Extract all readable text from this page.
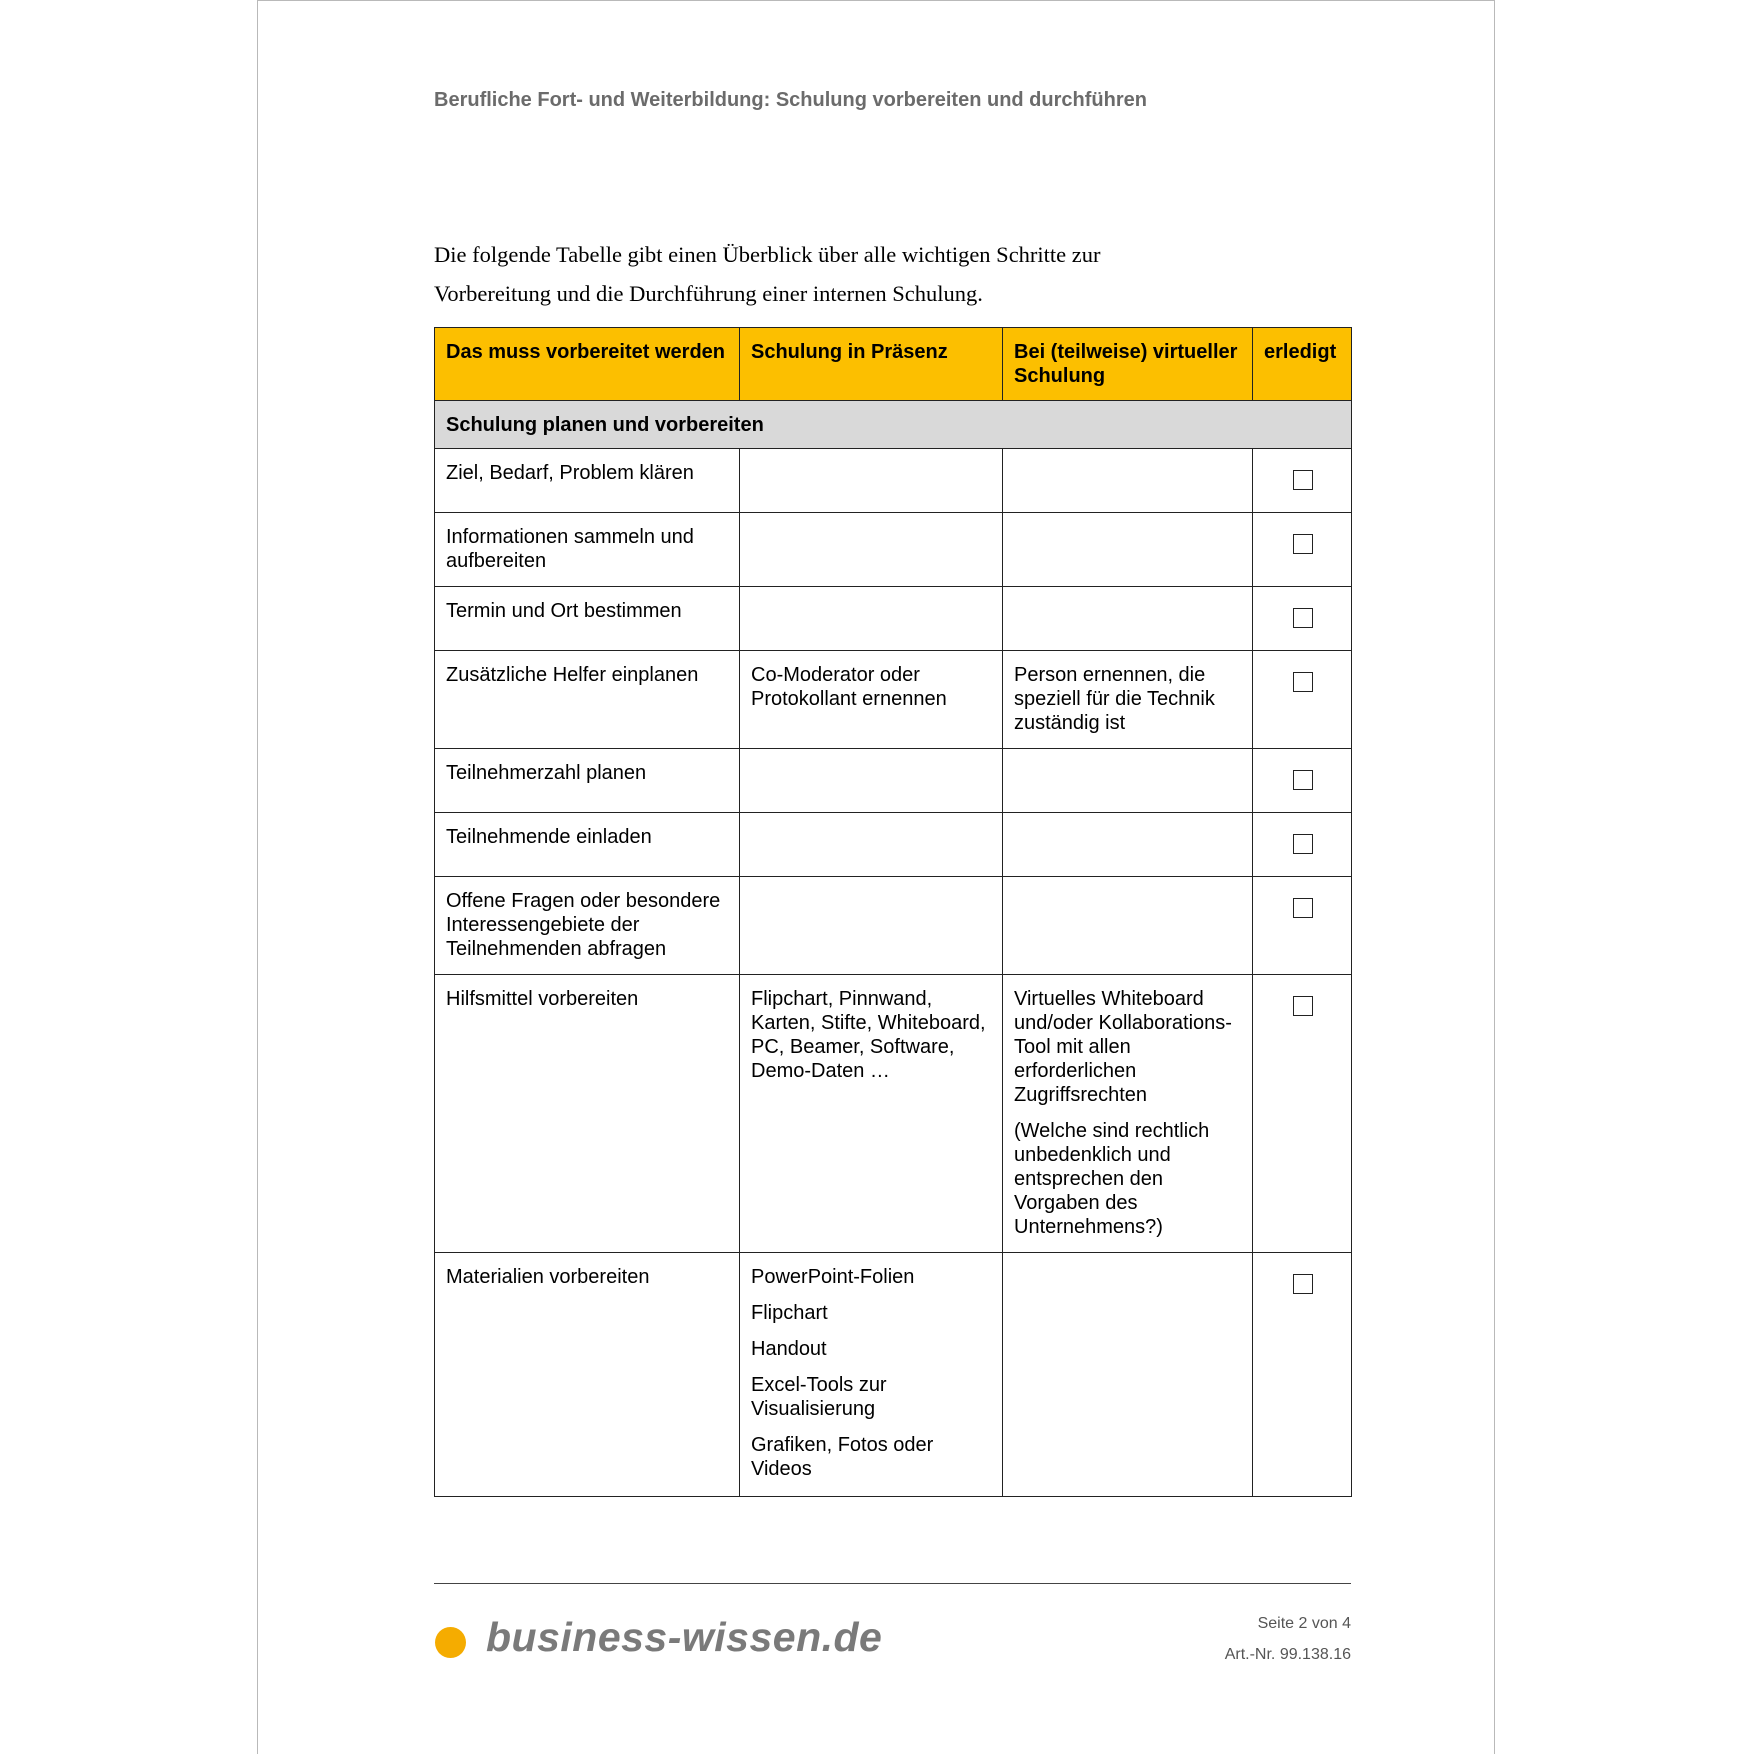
Berufliche Fort- und Weiterbildung: Schulung vorbereiten und durchführen

Die folgende Tabelle gibt einen Überblick über alle wichtigen Schritte zur

Vorbereitung und die Durchführung einer internen Schulung.

Das muss vorbereitet werden	Schulung in Präsenz	Bei (teilweise) virtueller Schulung	erledigt
Schulung planen und vorbereiten			
Ziel, Bedarf, Problem klären			
Informationen sammeln und aufbereiten			
Termin und Ort bestimmen			
Zusätzliche Helfer einplanen	Co-Moderator oder Protokollant ernennen	Person ernennen, die speziell für die Technik zuständig ist	

Teilnehmerzahl planen			
Teilnehmende einladen			
Offene Fragen oder besondere Interessengebiete der Teilnehmenden abfragen			
Hilfsmittel vorbereiten	Flipchart, Pinnwand, Karten, Stifte, Whiteboard, PC, Beamer, Software, Demo-Daten …	Virtuelles Whiteboard und/oder Kollaborations-Tool mit allen erforderlichen Zugriffsrechten

(Welche sind rechtlich unbedenklich und entsprechen den Vorgaben des Unternehmens?)	

Materialien vorbereiten	PowerPoint-Folien

Flipchart

Handout

Excel-Tools zur Visualisierung

Grafiken, Fotos oder Videos		

business-wissen.de	Seite 2 von 4
Art.-Nr. 99.138.16
